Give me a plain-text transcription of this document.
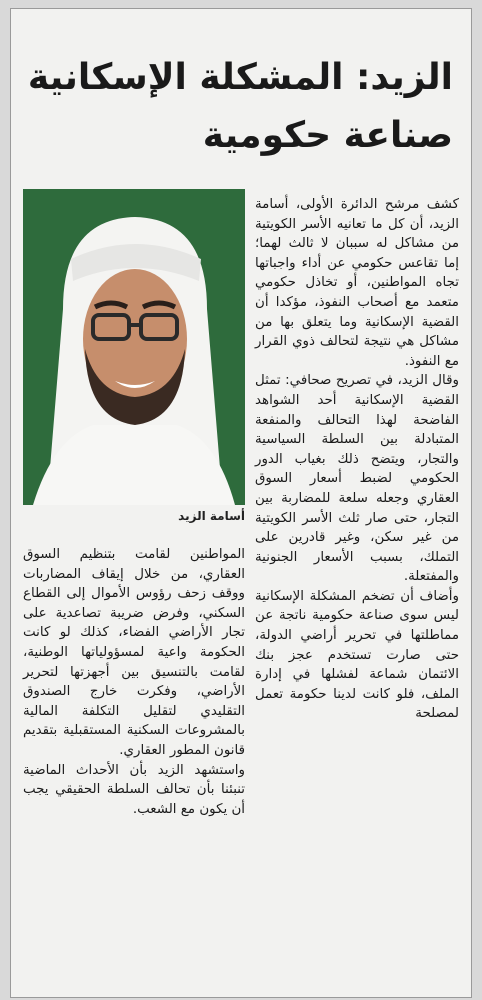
الزيد: المشكلة الإسكانية
صناعة حكومية

كشف مرشح الدائرة الأولى، أسامة الزيد، أن كل ما تعانيه الأسر الكويتية من مشاكل له سببان لا ثالث لهما؛ إما تقاعس حكومي عن أداء واجباتها تجاه المواطنين، أو تخاذل حكومي متعمد مع أصحاب النفوذ، مؤكدا أن القضية الإسكانية وما يتعلق بها من مشاكل هي نتيجة لتحالف ذوي القرار مع النفوذ.

وقال الزيد، في تصريح صحافي: تمثل القضية الإسكانية أحد الشواهد الفاضحة لهذا التحالف والمنفعة المتبادلة بين السلطة السياسية والتجار، ويتضح ذلك بغياب الدور الحكومي لضبط أسعار السوق العقاري وجعله سلعة للمضاربة بين التجار، حتى صار ثلث الأسر الكويتية من غير سكن، وغير قادرين على التملك، بسبب الأسعار الجنونية والمفتعلة.

وأضاف أن تضخم المشكلة الإسكانية ليس سوى صناعة حكومية ناتجة عن مماطلتها في تحرير أراضي الدولة، حتى صارت تستخدم عجز بنك الائتمان شماعة لفشلها في إدارة الملف، فلو كانت لدينا حكومة تعمل لمصلحة

أسامة الزيد

المواطنين لقامت بتنظيم السوق العقاري، من خلال إيقاف المضاربات ووقف زحف رؤوس الأموال إلى القطاع السكني، وفرض ضريبة تصاعدية على تجار الأراضي الفضاء، كذلك لو كانت الحكومة واعية لمسؤولياتها الوطنية، لقامت بالتنسيق بين أجهزتها لتحرير الأراضي، وفكرت خارج الصندوق التقليدي لتقليل التكلفة المالية بالمشروعات السكنية المستقبلية بتقديم قانون المطور العقاري.

واستشهد الزيد بأن الأحداث الماضية تنبئنا بأن تحالف السلطة الحقيقي يجب أن يكون مع الشعب.
